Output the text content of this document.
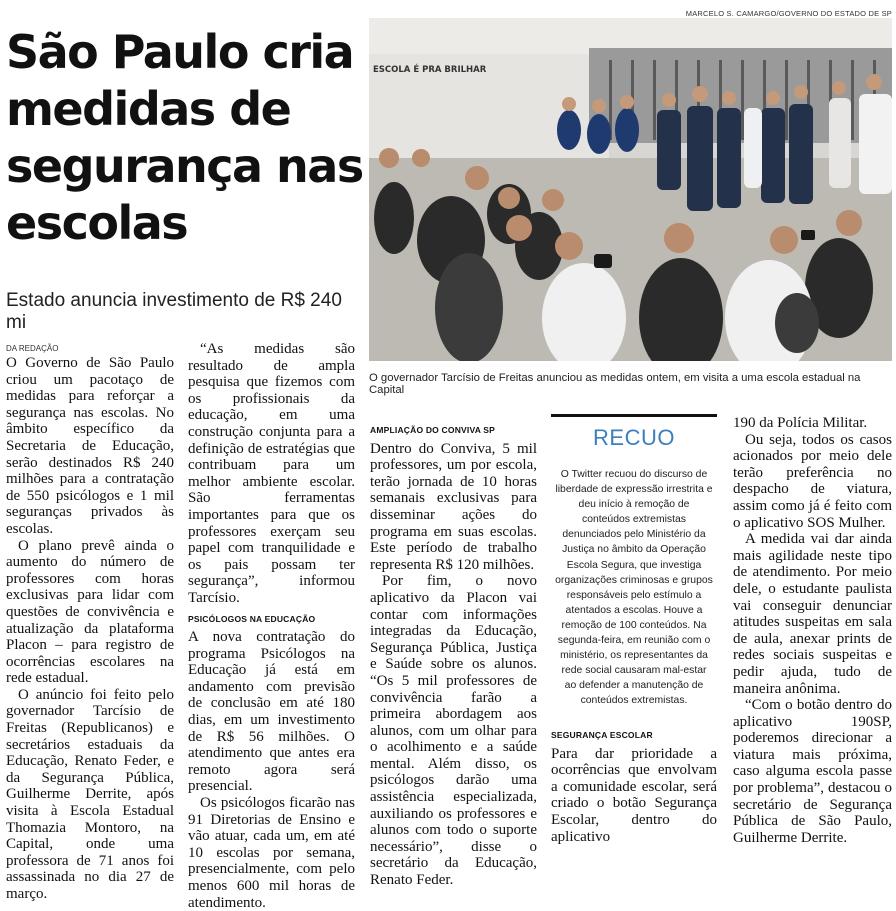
São Paulo cria medidas de segurança nas escolas
Estado anuncia investimento de R$ 240 mi
DA REDAÇÃO
MARCELO S. CAMARGO/GOVERNO DO ESTADO DE SP
ESCOLA É PRA BRILHAR
O governador Tarcísio de Freitas anunciou as medidas ontem, em visita a uma escola estadual na Capital

O Governo de São Paulo criou um pacotaço de medidas para reforçar a segurança nas escolas. No âmbito específico da Secretaria de Educação, serão destinados R$ 240 milhões para a contratação de 550 psicólogos e 1 mil seguranças privados às escolas.

O plano prevê ainda o aumento do número de professores com horas exclusivas para lidar com questões de convivência e atualização da plataforma Placon – para registro de ocorrências escolares na rede estadual.

O anúncio foi feito pelo governador Tarcísio de Freitas (Republicanos) e secretários estaduais da Educação, Renato Feder, e da Segurança Pública, Guilherme Derrite, após visita à Escola Estadual Thomazia Montoro, na Capital, onde uma professora de 71 anos foi assassinada no dia 27 de março.

“As medidas são resultado de ampla pesquisa que fizemos com os profissionais da educação, em uma construção conjunta para a definição de estratégias que contribuam para um melhor ambiente escolar. São ferramentas importantes para que os professores exerçam seu papel com tranquilidade e os pais possam ter segurança”, informou Tarcísio.

PSICÓLOGOS NA EDUCAÇÃO

A nova contratação do programa Psicólogos na Educação já está em andamento com previsão de conclusão em até 180 dias, em um investimento de R$ 56 milhões. O atendimento que antes era remoto agora será presencial.

Os psicólogos ficarão nas 91 Diretorias de Ensino e vão atuar, cada um, em até 10 escolas por semana, presencialmente, com pelo menos 600 mil horas de atendimento.

AMPLIAÇÃO DO CONVIVA SP

Dentro do Conviva, 5 mil professores, um por escola, terão jornada de 10 horas semanais exclusivas para disseminar ações do programa em suas escolas. Este período de trabalho representa R$ 120 milhões.

Por fim, o novo aplicativo da Placon vai contar com informações integradas da Educação, Segurança Pública, Justiça e Saúde sobre os alunos. “Os 5 mil professores de convivência farão a primeira abordagem aos alunos, com um olhar para o acolhimento e a saúde mental. Além disso, os psicólogos darão uma assistência especializada, auxiliando os professores e alunos com todo o suporte necessário”, disse o secretário da Educação, Renato Feder.

RECUO
O Twitter recuou do discurso de liberdade de expressão irrestrita e deu início à remoção de conteúdos extremistas denunciados pelo Ministério da Justiça no âmbito da Operação Escola Segura, que investiga organizações criminosas e grupos responsáveis pelo estímulo a atentados a escolas. Houve a remoção de 100 conteúdos. Na segunda-feira, em reunião com o ministério, os representantes da rede social causaram mal-estar ao defender a manutenção de conteúdos extremistas.
SEGURANÇA ESCOLAR

Para dar prioridade a ocorrências que envolvam a comunidade escolar, será criado o botão Segurança Escolar, dentro do aplicativo

190 da Polícia Militar.

Ou seja, todos os casos acionados por meio dele terão preferência no despacho de viatura, assim como já é feito com o aplicativo SOS Mulher.

A medida vai dar ainda mais agilidade neste tipo de atendimento. Por meio dele, o estudante paulista vai conseguir denunciar atitudes suspeitas em sala de aula, anexar prints de redes sociais suspeitas e pedir ajuda, tudo de maneira anônima.

“Com o botão dentro do aplicativo 190SP, poderemos direcionar a viatura mais próxima, caso alguma escola passe por problema”, destacou o secretário de Segurança Pública de São Paulo, Guilherme Derrite.
